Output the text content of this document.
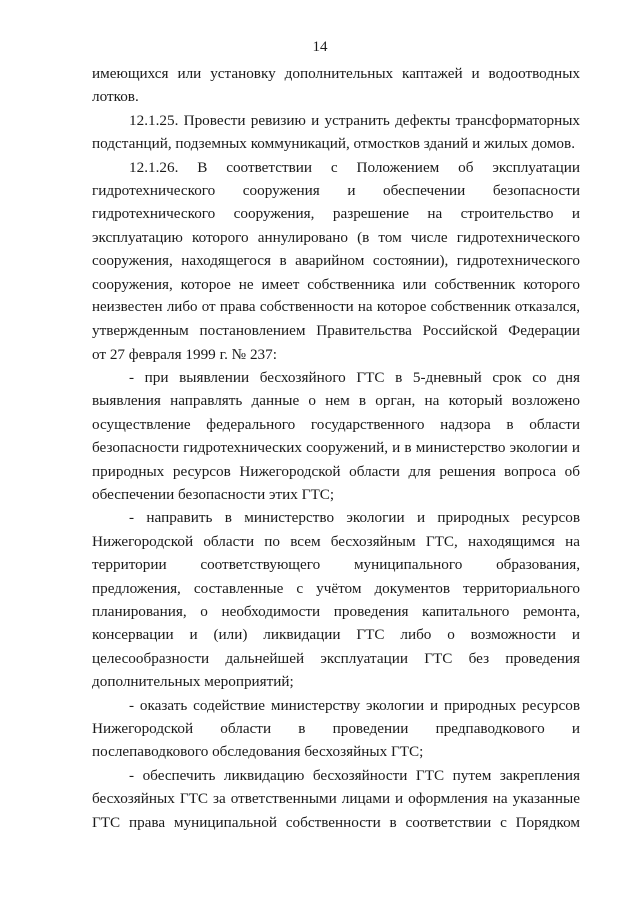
14
имеющихся или установку дополнительных каптажей и водоотводных
лотков.
12.1.25. Провести ревизию и устранить дефекты трансформаторных
подстанций, подземных коммуникаций, отмостков зданий и жилых домов.
12.1.26. В соответствии с Положением об эксплуатации
гидротехнического сооружения и обеспечении безопасности
гидротехнического сооружения, разрешение на строительство и
эксплуатацию которого аннулировано (в том числе гидротехнического
сооружения, находящегося в аварийном состоянии), гидротехнического
сооружения, которое не имеет собственника или собственник которого
неизвестен либо от права собственности на которое собственник отказался,
утвержденным постановлением Правительства Российской Федерации
от 27 февраля 1999 г. № 237:
- при выявлении бесхозяйного ГТС в 5-дневный срок со дня
выявления направлять данные о нем в орган, на который возложено
осуществление федерального государственного надзора в области
безопасности гидротехнических сооружений, и в министерство экологии и
природных ресурсов Нижегородской области для решения вопроса об
обеспечении безопасности этих ГТС;
- направить в министерство экологии и природных ресурсов
Нижегородской области по всем бесхозяйным ГТС, находящимся на
территории соответствующего муниципального образования,
предложения, составленные с учётом документов территориального
планирования, о необходимости проведения капитального ремонта,
консервации и (или) ликвидации ГТС либо о возможности и
целесообразности дальнейшей эксплуатации ГТС без проведения
дополнительных мероприятий;
- оказать содействие министерству экологии и природных ресурсов
Нижегородской области в проведении предпаводкового и
послепаводкового обследования бесхозяйных ГТС;
- обеспечить ликвидацию бесхозяйности ГТС путем закрепления
бесхозяйных ГТС за ответственными лицами и оформления на указанные
ГТС права муниципальной собственности в соответствии с Порядком
